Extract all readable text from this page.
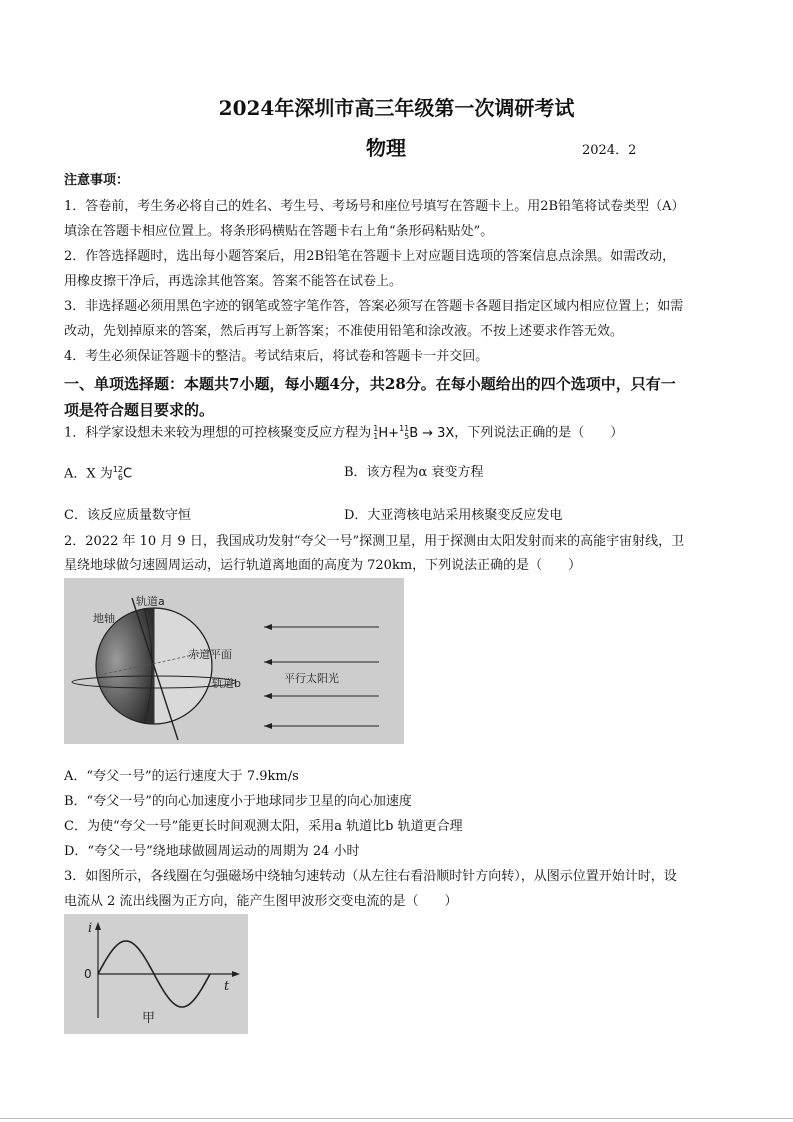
2024年深圳市高三年级第一次调研考试
物理	2024．2
注意事项：
1．答卷前，考生务必将自己的姓名、考生号、考场号和座位号填写在答题卡上。用2B铅笔将试卷类型（A）
填涂在答题卡相应位置上。将条形码横贴在答题卡右上角“条形码粘贴处”。
2．作答选择题时，选出每小题答案后，用2B铅笔在答题卡上对应题目选项的答案信息点涂黑。如需改动，
用橡皮擦干净后，再选涂其他答案。答案不能答在试卷上。
3．非选择题必须用黑色字迹的钢笔或签字笔作答，答案必须写在答题卡各题目指定区域内相应位置上；如需
改动，先划掉原来的答案，然后再写上新答案；不准使用铅笔和涂改液。不按上述要求作答无效。
4．考生必须保证答题卡的整洁。考试结束后，将试卷和答题卡一并交回。
一、单项选择题：本题共7小题，每小题4分，共28分。在每小题给出的四个选项中，只有一
项是符合题目要求的。
1．科学家设想未来较为理想的可控核聚变反应方程为 1
1 H+ 11
5 B → 3X，下列说法正确的是（　　）
A．X 为 12
6 C	B．该方程为α 衰变方程
C．该反应质量数守恒	D．大亚湾核电站采用核聚变反应发电
2．2022 年 10 月 9 日，我国成功发射“夸父一号”探测卫星，用于探测由太阳发射而来的高能宇宙射线，卫
星绕地球做匀速圆周运动，运行轨道离地面的高度为 720km，下列说法正确的是（　　）
轨道a
地轴
赤道平面
轨道b	平行太阳光
A．“夸父一号”的运行速度大于 7.9km/s
B．“夸父一号”的向心加速度小于地球同步卫星的向心加速度
C．为使“夸父一号”能更长时间观测太阳，采用a 轨道比b 轨道更合理
D．“夸父一号”绕地球做圆周运动的周期为 24 小时
3．如图所示，各线圈在匀强磁场中绕轴匀速转动（从左往右看沿顺时针方向转），从图示位置开始计时，设
电流从 2 流出线圈为正方向，能产生图甲波形交变电流的是（　　）
i
t
0
甲
